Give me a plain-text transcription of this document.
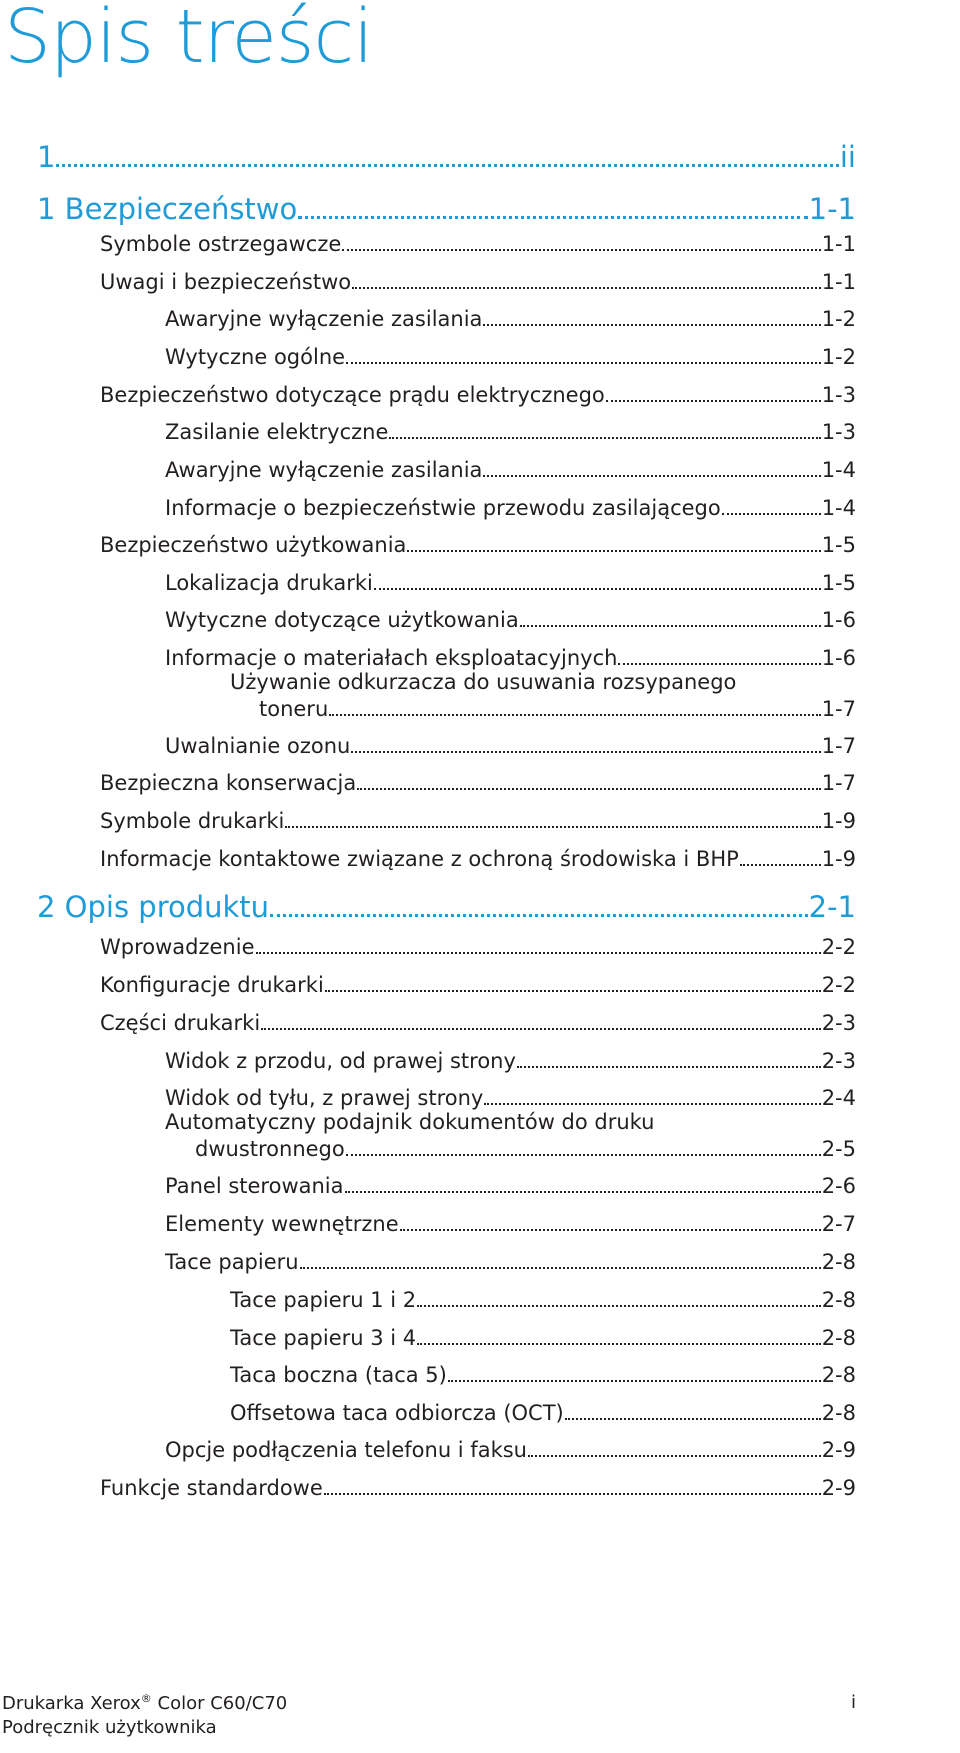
Spis treści
1	ii
1 Bezpieczeństwo	1-1
Symbole ostrzegawcze	1-1
Uwagi i bezpieczeństwo	1-1
Awaryjne wyłączenie zasilania	1-2
Wytyczne ogólne	1-2
Bezpieczeństwo dotyczące prądu elektrycznego	1-3
Zasilanie elektryczne	1-3
Awaryjne wyłączenie zasilania	1-4
Informacje o bezpieczeństwie przewodu zasilającego	1-4
Bezpieczeństwo użytkowania	1-5
Lokalizacja drukarki	1-5
Wytyczne dotyczące użytkowania	1-6
Informacje o materiałach eksploatacyjnych	1-6
Używanie odkurzacza do usuwania rozsypanego
toneru	1-7
Uwalnianie ozonu	1-7
Bezpieczna konserwacja	1-7
Symbole drukarki	1-9
Informacje kontaktowe związane z ochroną środowiska i BHP	1-9
2 Opis produktu	2-1
Wprowadzenie	2-2
Konfiguracje drukarki	2-2
Części drukarki	2-3
Widok z przodu, od prawej strony	2-3
Widok od tyłu, z prawej strony	2-4
Automatyczny podajnik dokumentów do druku
dwustronnego	2-5
Panel sterowania	2-6
Elementy wewnętrzne	2-7
Tace papieru	2-8
Tace papieru 1 i 2	2-8
Tace papieru 3 i 4	2-8
Taca boczna (taca 5)	2-8
Offsetowa taca odbiorcza (OCT)	2-8
Opcje podłączenia telefonu i faksu	2-9
Funkcje standardowe	2-9
Drukarka Xerox® Color C60/C70
Podręcznik użytkownika
i
